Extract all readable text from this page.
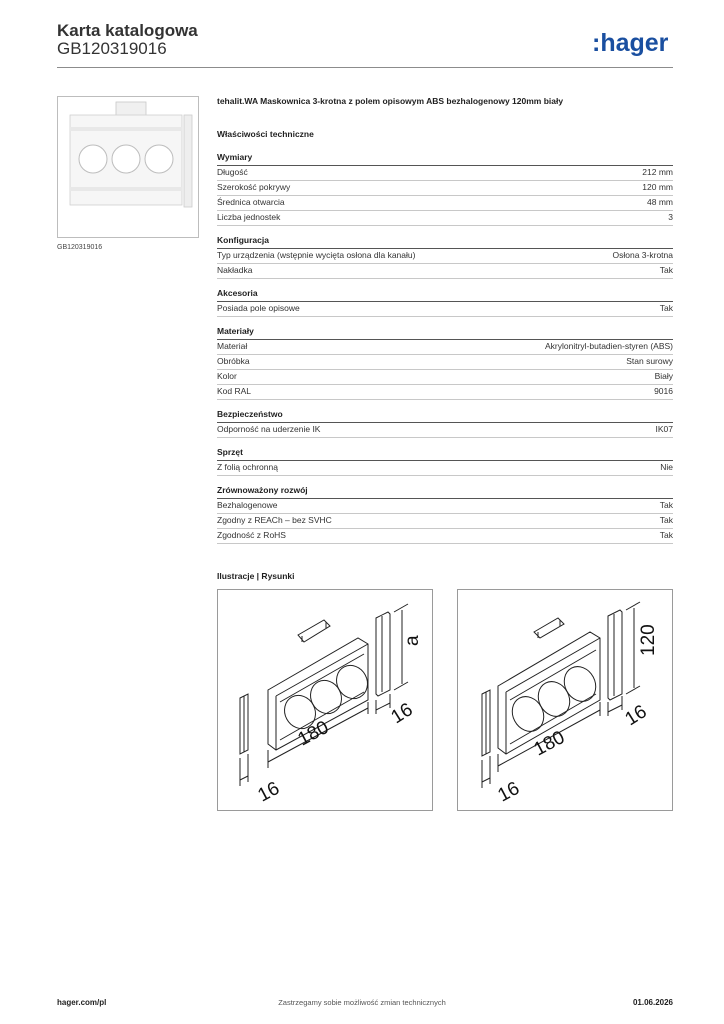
Karta katalogowa
GB120319016	:hager
GB120319016
tehalit.WA Maskownica 3-krotna z polem opisowym ABS bezhalogenowy 120mm biały
Właściwości techniczne
Wymiary
Długość	212 mm
Szerokość pokrywy	120 mm
Średnica otwarcia	48 mm
Liczba jednostek	3
Konfiguracja
Typ urządzenia (wstępnie wycięta osłona dla kanału)	Osłona 3-krotna
Nakładka	Tak
Akcesoria
Posiada pole opisowe	Tak
Materiały
Materiał	Akrylonitryl-butadien-styren (ABS)
Obróbka	Stan surowy
Kolor	Biały
Kod RAL	9016
Bezpieczeństwo
Odporność na uderzenie IK	IK07
Sprzęt
Z folią ochronną	Nie
Zrównoważony rozwój
Bezhalogenowe	Tak
Zgodny z REACh – bez SVHC	Tak
Zgodność z RoHS	Tak
Ilustracje | Rysunki
a
16
180
16
120
16
180
16
hager.com/pl	Zastrzegamy sobie możliwość zmian technicznych	01.06.2026
